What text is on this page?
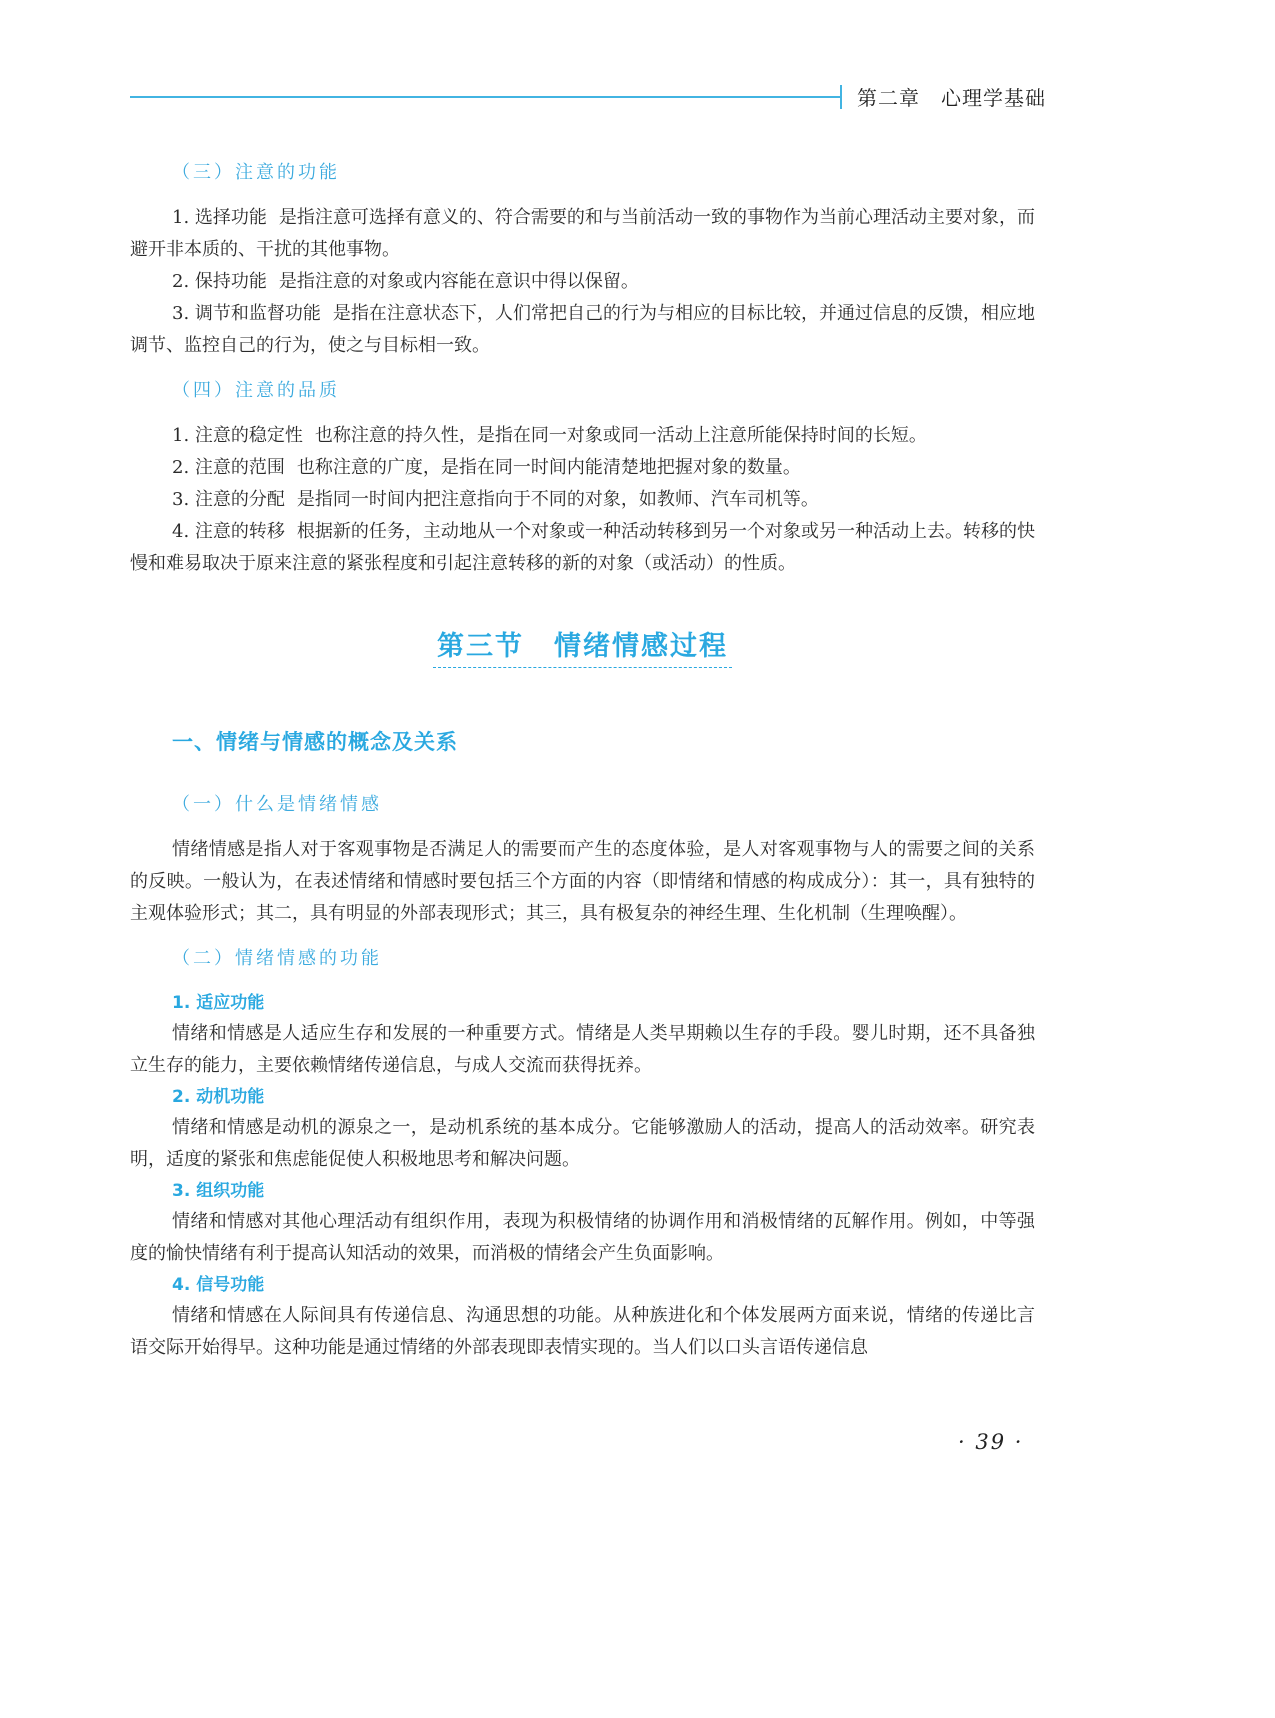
第二章　心理学基础
（三）注意的功能

1. 选择功能 是指注意可选择有意义的、符合需要的和与当前活动一致的事物作为当前心理活动主要对象，而避开非本质的、干扰的其他事物。

2. 保持功能 是指注意的对象或内容能在意识中得以保留。

3. 调节和监督功能 是指在注意状态下，人们常把自己的行为与相应的目标比较，并通过信息的反馈，相应地调节、监控自己的行为，使之与目标相一致。

（四）注意的品质

1. 注意的稳定性 也称注意的持久性，是指在同一对象或同一活动上注意所能保持时间的长短。

2. 注意的范围 也称注意的广度，是指在同一时间内能清楚地把握对象的数量。

3. 注意的分配 是指同一时间内把注意指向于不同的对象，如教师、汽车司机等。

4. 注意的转移 根据新的任务，主动地从一个对象或一种活动转移到另一个对象或另一种活动上去。转移的快慢和难易取决于原来注意的紧张程度和引起注意转移的新的对象（或活动）的性质。

第三节 情绪情感过程
一、情绪与情感的概念及关系
（一）什么是情绪情感

情绪情感是指人对于客观事物是否满足人的需要而产生的态度体验，是人对客观事物与人的需要之间的关系的反映。一般认为，在表述情绪和情感时要包括三个方面的内容（即情绪和情感的构成成分）：其一，具有独特的主观体验形式；其二，具有明显的外部表现形式；其三，具有极复杂的神经生理、生化机制（生理唤醒）。

（二）情绪情感的功能
1. 适应功能

情绪和情感是人适应生存和发展的一种重要方式。情绪是人类早期赖以生存的手段。婴儿时期，还不具备独立生存的能力，主要依赖情绪传递信息，与成人交流而获得抚养。

2. 动机功能

情绪和情感是动机的源泉之一，是动机系统的基本成分。它能够激励人的活动，提高人的活动效率。研究表明，适度的紧张和焦虑能促使人积极地思考和解决问题。

3. 组织功能

情绪和情感对其他心理活动有组织作用，表现为积极情绪的协调作用和消极情绪的瓦解作用。例如，中等强度的愉快情绪有利于提高认知活动的效果，而消极的情绪会产生负面影响。

4. 信号功能

情绪和情感在人际间具有传递信息、沟通思想的功能。从种族进化和个体发展两方面来说，情绪的传递比言语交际开始得早。这种功能是通过情绪的外部表现即表情实现的。当人们以口头言语传递信息

· 39 ·
